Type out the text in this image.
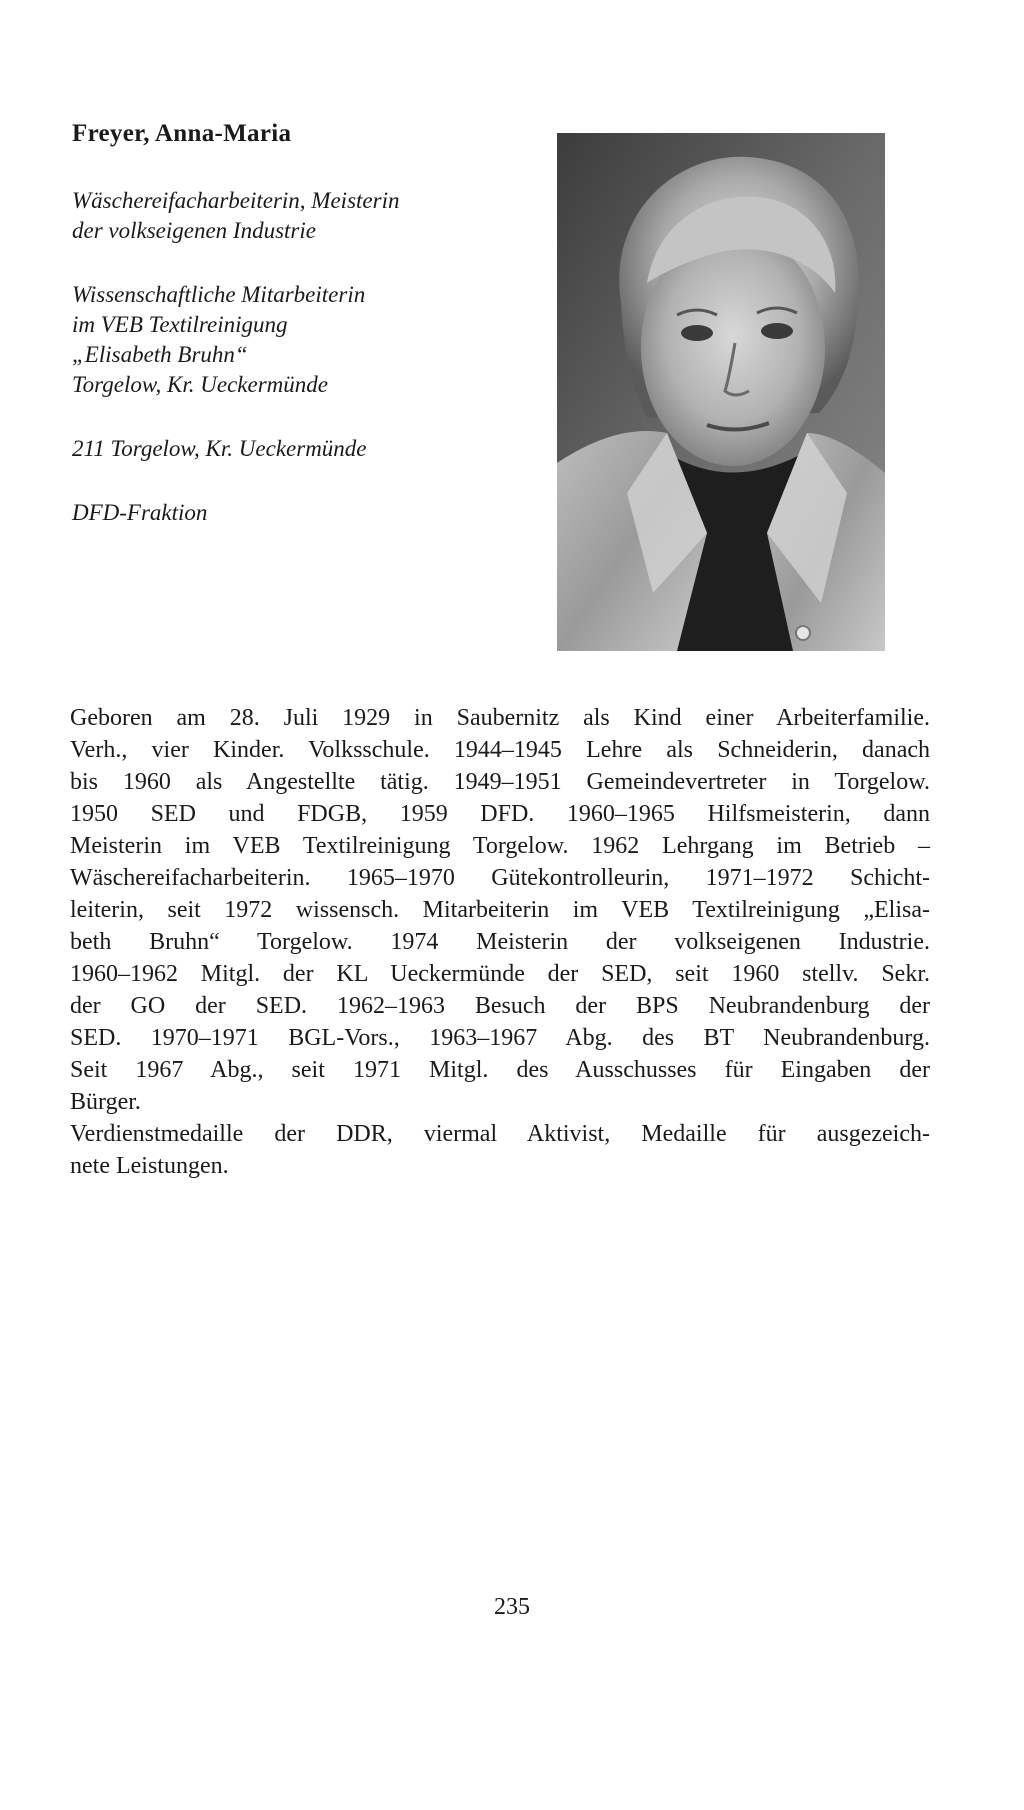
Freyer, Anna-Maria
Wäschereifacharbeiterin, Meisterin
der volkseigenen Industrie
Wissenschaftliche Mitarbeiterin
im VEB Textilreinigung
„Elisabeth Bruhn“
Torgelow, Kr. Ueckermünde
211 Torgelow, Kr. Ueckermünde
DFD-Fraktion
Geboren am 28. Juli 1929 in Saubernitz als Kind einer Arbeiterfamilie.
Verh., vier Kinder. Volksschule. 1944–1945 Lehre als Schneiderin, danach
bis 1960 als Angestellte tätig. 1949–1951 Gemeindevertreter in Torgelow.
1950 SED und FDGB, 1959 DFD. 1960–1965 Hilfsmeisterin, dann
Meisterin im VEB Textilreinigung Torgelow. 1962 Lehrgang im Betrieb –
Wäschereifacharbeiterin. 1965–1970 Gütekontrolleurin, 1971–1972 Schicht-
leiterin, seit 1972 wissensch. Mitarbeiterin im VEB Textilreinigung „Elisa-
beth Bruhn“ Torgelow. 1974 Meisterin der volkseigenen Industrie.
1960–1962 Mitgl. der KL Ueckermünde der SED, seit 1960 stellv. Sekr.
der GO der SED. 1962–1963 Besuch der BPS Neubrandenburg der
SED. 1970–1971 BGL-Vors., 1963–1967 Abg. des BT Neubrandenburg.
Seit 1967 Abg., seit 1971 Mitgl. des Ausschusses für Eingaben der
Bürger.
Verdienstmedaille der DDR, viermal Aktivist, Medaille für ausgezeich-
nete Leistungen.
235
